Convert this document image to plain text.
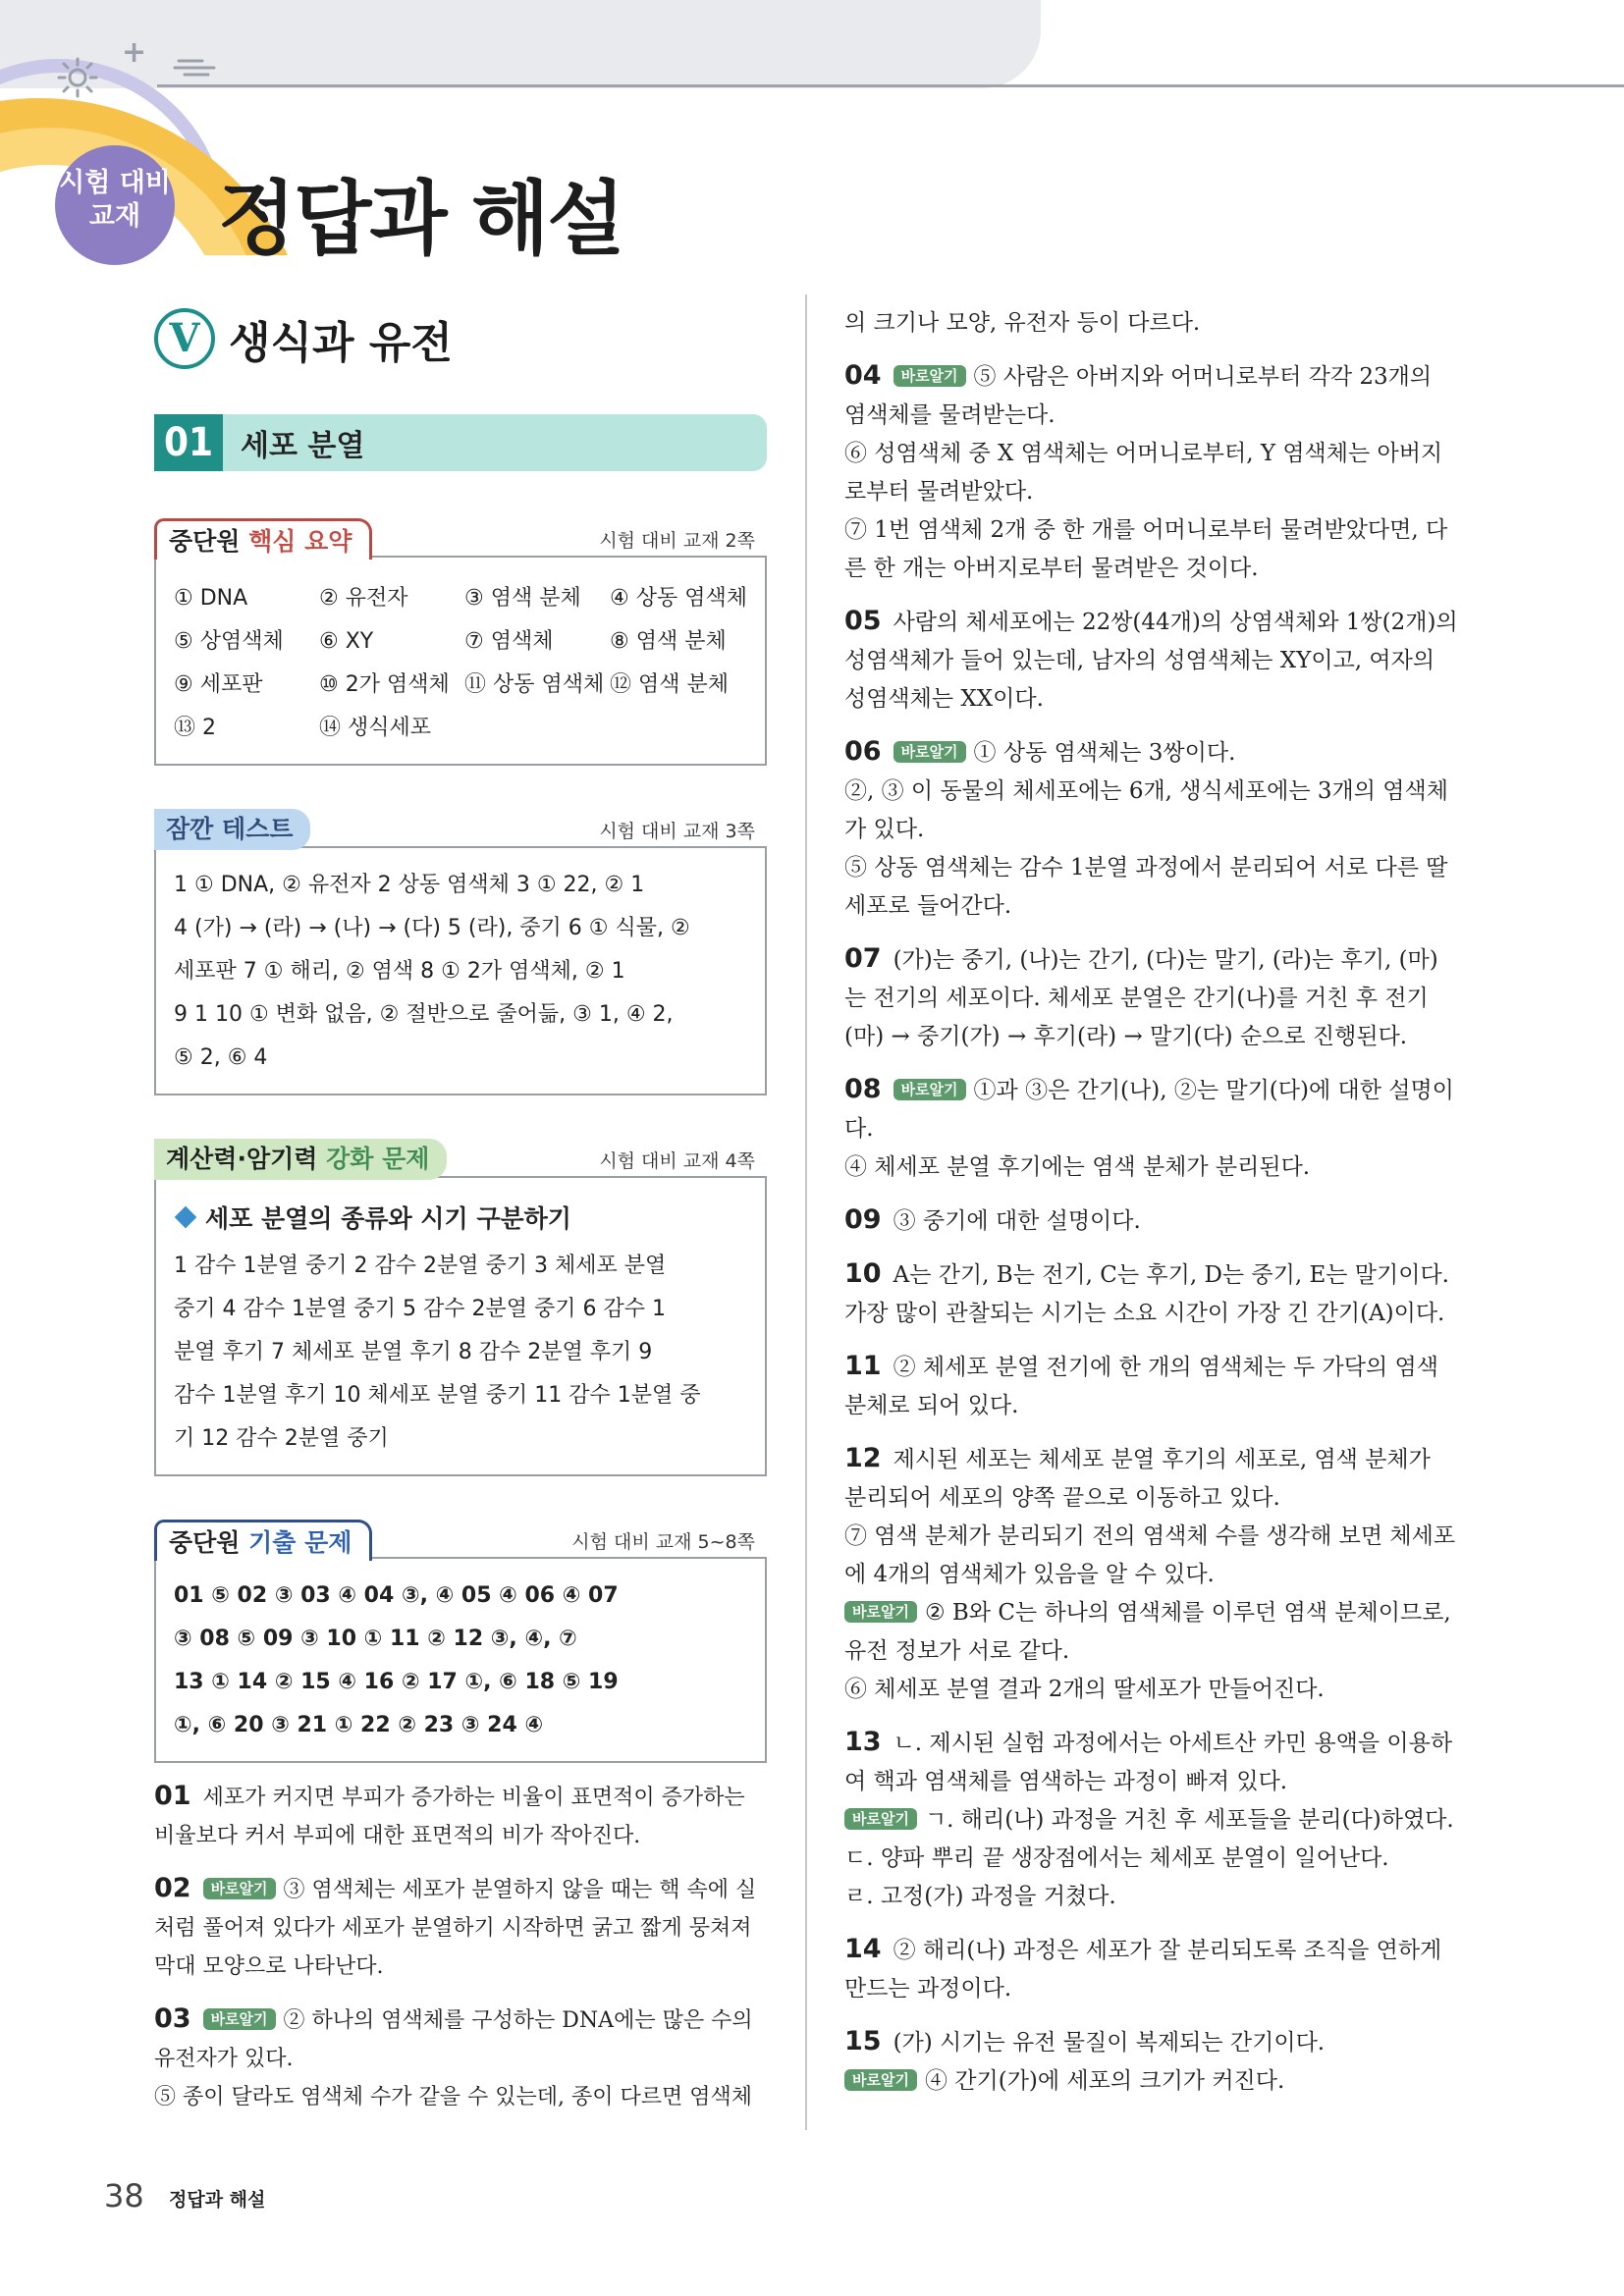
+
시험 대비
교재 정답과 해설
V 생식과 유전
01 세포 분열
중단원 핵심 요약	시험 대비 교재 2쪽
① DNA	② 유전자	③ 염색 분체	④ 상동 염색체
⑤ 상염색체	⑥ XY	⑦ 염색체	⑧ 염색 분체
⑨ 세포판	⑩ 2가 염색체 ⑪ 상동 염색체 ⑫ 염색 분체
⑬ 2	⑭ 생식세포
잠깐 테스트	시험 대비 교재 3쪽
1 ① DNA, ② 유전자 2 상동 염색체 3 ① 22, ② 1
4 (가) → (라) → (나) → (다) 5 (라), 중기 6 ① 식물, ②
세포판 7 ① 해리, ② 염색 8 ① 2가 염색체, ② 1
9 1 10 ① 변화 없음, ② 절반으로 줄어듦, ③ 1, ④ 2,
⑤ 2, ⑥ 4
계산력·암기력 강화 문제	시험 대비 교재 4쪽
세포 분열의 종류와 시기 구분하기
1 감수 1분열 중기 2 감수 2분열 중기 3 체세포 분열
중기 4 감수 1분열 중기 5 감수 2분열 중기 6 감수 1
분열 후기 7 체세포 분열 후기 8 감수 2분열 후기 9
감수 1분열 후기 10 체세포 분열 중기 11 감수 1분열 중
기 12 감수 2분열 중기
중단원 기출 문제	시험 대비 교재 5~8쪽
01 ⑤ 02 ③ 03 ④ 04 ③, ④ 05 ④ 06 ④ 07
③ 08 ⑤ 09 ③ 10 ① 11 ② 12 ③, ④, ⑦
13 ① 14 ② 15 ④ 16 ② 17 ①, ⑥ 18 ⑤ 19
①, ⑥ 20 ③ 21 ① 22 ② 23 ③ 24 ④
01 세포가 커지면 부피가 증가하는 비율이 표면적이 증가하는 비율보다 커서 부피에 대한 표면적의 비가 작아진다.
02 바로알기 ③ 염색체는 세포가 분열하지 않을 때는 핵 속에 실처럼 풀어져 있다가 세포가 분열하기 시작하면 굵고 짧게 뭉쳐져 막대 모양으로 나타난다.
03 바로알기 ② 하나의 염색체를 구성하는 DNA에는 많은 수의 유전자가 있다.
⑤ 종이 달라도 염색체 수가 같을 수 있는데, 종이 다르면 염색체
의 크기나 모양, 유전자 등이 다르다.
04 바로알기 ⑤ 사람은 아버지와 어머니로부터 각각 23개의 염색체를 물려받는다.
⑥ 성염색체 중 X 염색체는 어머니로부터, Y 염색체는 아버지로부터 물려받았다.
⑦ 1번 염색체 2개 중 한 개를 어머니로부터 물려받았다면, 다른 한 개는 아버지로부터 물려받은 것이다.
05 사람의 체세포에는 22쌍(44개)의 상염색체와 1쌍(2개)의 성염색체가 들어 있는데, 남자의 성염색체는 XY이고, 여자의 성염색체는 XX이다.
06 바로알기 ① 상동 염색체는 3쌍이다.
②, ③ 이 동물의 체세포에는 6개, 생식세포에는 3개의 염색체가 있다.
⑤ 상동 염색체는 감수 1분열 과정에서 분리되어 서로 다른 딸세포로 들어간다.
07 (가)는 중기, (나)는 간기, (다)는 말기, (라)는 후기, (마)는 전기의 세포이다. 체세포 분열은 간기(나)를 거친 후 전기(마) → 중기(가) → 후기(라) → 말기(다) 순으로 진행된다.
08 바로알기 ①과 ③은 간기(나), ②는 말기(다)에 대한 설명이다.
④ 체세포 분열 후기에는 염색 분체가 분리된다.
09 ③ 중기에 대한 설명이다.
10 A는 간기, B는 전기, C는 후기, D는 중기, E는 말기이다. 가장 많이 관찰되는 시기는 소요 시간이 가장 긴 간기(A)이다.
11 ② 체세포 분열 전기에 한 개의 염색체는 두 가닥의 염색 분체로 되어 있다.
12 제시된 세포는 체세포 분열 후기의 세포로, 염색 분체가 분리되어 세포의 양쪽 끝으로 이동하고 있다.
⑦ 염색 분체가 분리되기 전의 염색체 수를 생각해 보면 체세포에 4개의 염색체가 있음을 알 수 있다.
바로알기 ② B와 C는 하나의 염색체를 이루던 염색 분체이므로, 유전 정보가 서로 같다.
⑥ 체세포 분열 결과 2개의 딸세포가 만들어진다.
13 ㄴ. 제시된 실험 과정에서는 아세트산 카민 용액을 이용하여 핵과 염색체를 염색하는 과정이 빠져 있다.
바로알기 ㄱ. 해리(나) 과정을 거친 후 세포들을 분리(다)하였다.
ㄷ. 양파 뿌리 끝 생장점에서는 체세포 분열이 일어난다.
ㄹ. 고정(가) 과정을 거쳤다.
14 ② 해리(나) 과정은 세포가 잘 분리되도록 조직을 연하게 만드는 과정이다.
15 (가) 시기는 유전 물질이 복제되는 간기이다.
바로알기 ④ 간기(가)에 세포의 크기가 커진다.
38 정답과 해설
